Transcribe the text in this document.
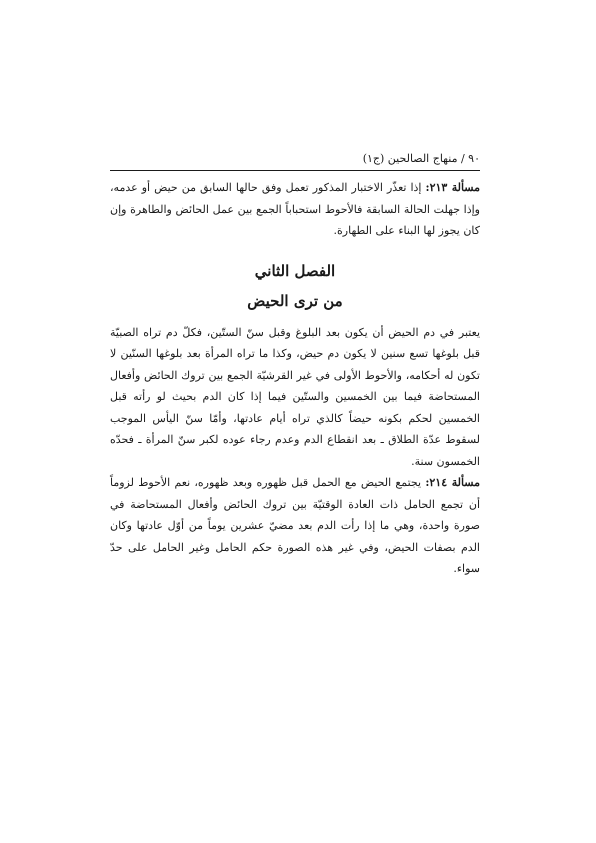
٩٠ / منهاج الصالحين (ج١)

مسألة ٢١٣: إذا تعذّر الاختبار المذكور تعمل وفق حالها السابق من حيض أو عدمه، وإذا جهلت الحالة السابقة فالأحوط استحباباً الجمع بين عمل الحائض والطاهرة وإن كان يجوز لها البناء على الطهارة.

الفصل الثاني
من ترى الحيض

يعتبر في دم الحيض أن يكون بعد البلوغ وقبل سنّ الستّين، فكلّ دم تراه الصبيّة قبل بلوغها تسع سنين لا يكون دم حيض، وكذا ما تراه المرأة بعد بلوغها السنّين لا تكون له أحكامه، والأحوط الأولى في غير القرشيّة الجمع بين تروك الحائض وأفعال المستحاضة فيما بين الخمسين والستّين فيما إذا كان الدم بحيث لو رأته قبل الخمسين لحكم بكونه حيضاً كالذي تراه أيام عادتها، وأمّا سنّ اليأس الموجب لسقوط عدّة الطلاق ـ بعد انقطاع الدم وعدم رجاء عوده لكبر سنّ المرأة ـ فحدّه الخمسون سنة.

مسألة ٢١٤: يجتمع الحيض مع الحمل قبل ظهوره وبعد ظهوره، نعم الأحوط لزوماً أن تجمع الحامل ذات العادة الوقتيّة بين تروك الحائض وأفعال المستحاضة في صورة واحدة، وهي ما إذا رأت الدم بعد مضيّ عشرين يوماً من أوّل عادتها وكان الدم بصفات الحيض، وفي غير هذه الصورة حكم الحامل وغير الحامل على حدّ سواء.
